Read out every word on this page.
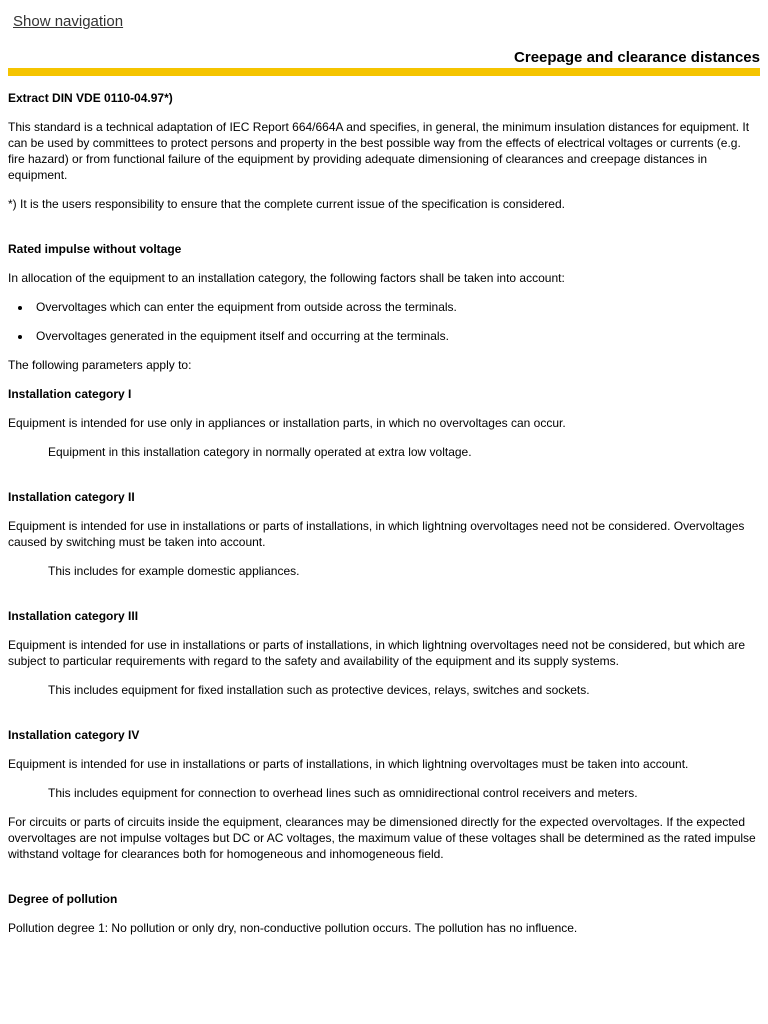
Show navigation
Creepage and clearance distances
Extract DIN VDE 0110-04.97*)

This standard is a technical adaptation of IEC Report 664/664A and specifies, in general, the minimum insulation distances for equipment. It can be used by committees to protect persons and property in the best possible way from the effects of electrical voltages or currents (e.g. fire hazard) or from functional failure of the equipment by providing adequate dimensioning of clearances and creepage distances in equipment.

*) It is the users responsibility to ensure that the complete current issue of the specification is considered.

Rated impulse without voltage

In allocation of the equipment to an installation category, the following factors shall be taken into account:

• Overvoltages which can enter the equipment from outside across the terminals.
• Overvoltages generated in the equipment itself and occurring at the terminals.

The following parameters apply to:

Installation category I

Equipment is intended for use only in appliances or installation parts, in which no overvoltages can occur.

Equipment in this installation category in normally operated at extra low voltage.

Installation category II

Equipment is intended for use in installations or parts of installations, in which lightning overvoltages need not be considered. Overvoltages caused by switching must be taken into account.

This includes for example domestic appliances.

Installation category III

Equipment is intended for use in installations or parts of installations, in which lightning overvoltages need not be considered, but which are subject to particular requirements with regard to the safety and availability of the equipment and its supply systems.

This includes equipment for fixed installation such as protective devices, relays, switches and sockets.

Installation category IV

Equipment is intended for use in installations or parts of installations, in which lightning overvoltages must be taken into account.

This includes equipment for connection to overhead lines such as omnidirectional control receivers and meters.

For circuits or parts of circuits inside the equipment, clearances may be dimensioned directly for the expected overvoltages. If the expected overvoltages are not impulse voltages but DC or AC voltages, the maximum value of these voltages shall be determined as the rated impulse withstand voltage for clearances both for homogeneous and inhomogeneous field.

Degree of pollution

Pollution degree 1: No pollution or only dry, non-conductive pollution occurs. The pollution has no influence.
